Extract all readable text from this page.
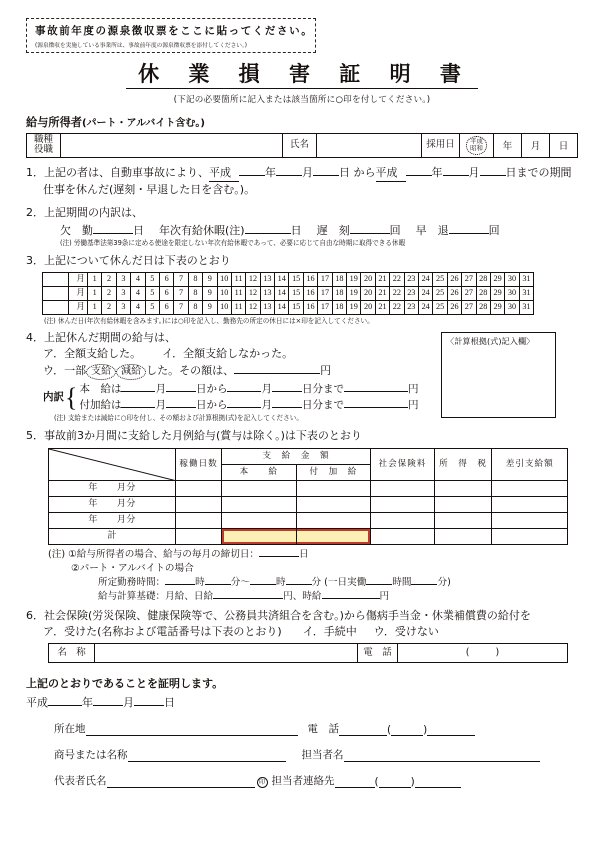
事故前年度の源泉徴収票をここに貼ってください。
(源泉徴収を実施している事業所は、事故前年度の源泉徴収票を添付してください。)
休 業 損 害 証 明 書
(下記の必要箇所に記入または該当箇所に○印を付してください。)
給与所得者(パート・アルバイト含む。)
職種
役職		氏名		採用日	平成
昭和	年	月	日
1．上記の者は、自動車事故により、平成	年 月 日 から平成	年 月 日までの期間
仕事を休んだ(遅刻・早退した日を含む。)。
2．上記期間の内訳は、
欠　勤	日 年次有給休暇(注)	日 遅　刻	回 早　退	回
(注) 労働基準法第39条に定める使途を限定しない年次有給休暇であって、必要に応じて自由な時期に取得できる休暇
3．上記について休んだ日は下表のとおり
	月	1	2	3	4	5	6	7	8	9	10	11	12	13	14	15	16	17	18	19	20	21	22	23	24	25	26	27	28	29	30	31
	月	1	2	3	4	5	6	7	8	9	10	11	12	13	14	15	16	17	18	19	20	21	22	23	24	25	26	27	28	29	30	31
	月	1	2	3	4	5	6	7	8	9	10	11	12	13	14	15	16	17	18	19	20	21	22	23	24	25	26	27	28	29	30	31
(注) 休んだ日(年次有給休暇を含みます。)には○印を記入し、勤務先の所定の休日には×印を記入してください。
〈計算根拠(式)記入欄〉
4．上記休んだ期間の給与は、
ア．全額支給した。 イ．全額支給しなかった。
ウ．一部 支給 減給 した。その額は、	円
内訳 { 本　給は	月	日から	月	日分まで	円
付加給は	月	日から	月	日分まで	円
(注) 支給または減給に○印を付し、その額および計算根拠(式)を記入してください。
5．事故前3か月間に支給した月例給与(賞与は除く。)は下表のとおり
	稼働日数	支　給　金　額		社会保険料	所　得　税	差引支給額
		本　　給	付　加　給			
年　　月分						
年　　月分						
年　　月分						
計						
(注) ①給与所得者の場合、給与の毎月の締切日：	日
②パート・アルバイトの場合
所定勤務時間：	時	分～	時	分 (一日実働	時間	分)
給与計算基礎：月給、日給	円、時給	円
6．社会保険(労災保険、健康保険等で、公務員共済組合を含む。)から傷病手当金・休業補償費の給付を
ア．受けた(名称および電話番号は下表のとおり) イ．手続中 ウ．受けない
名　称		電　話	(	)
上記のとおりであることを証明します。
平成	年	月	日
所在地	電　話	(	)
商号または名称	担当者名
代表者氏名	印 担当者連絡先	(	)
